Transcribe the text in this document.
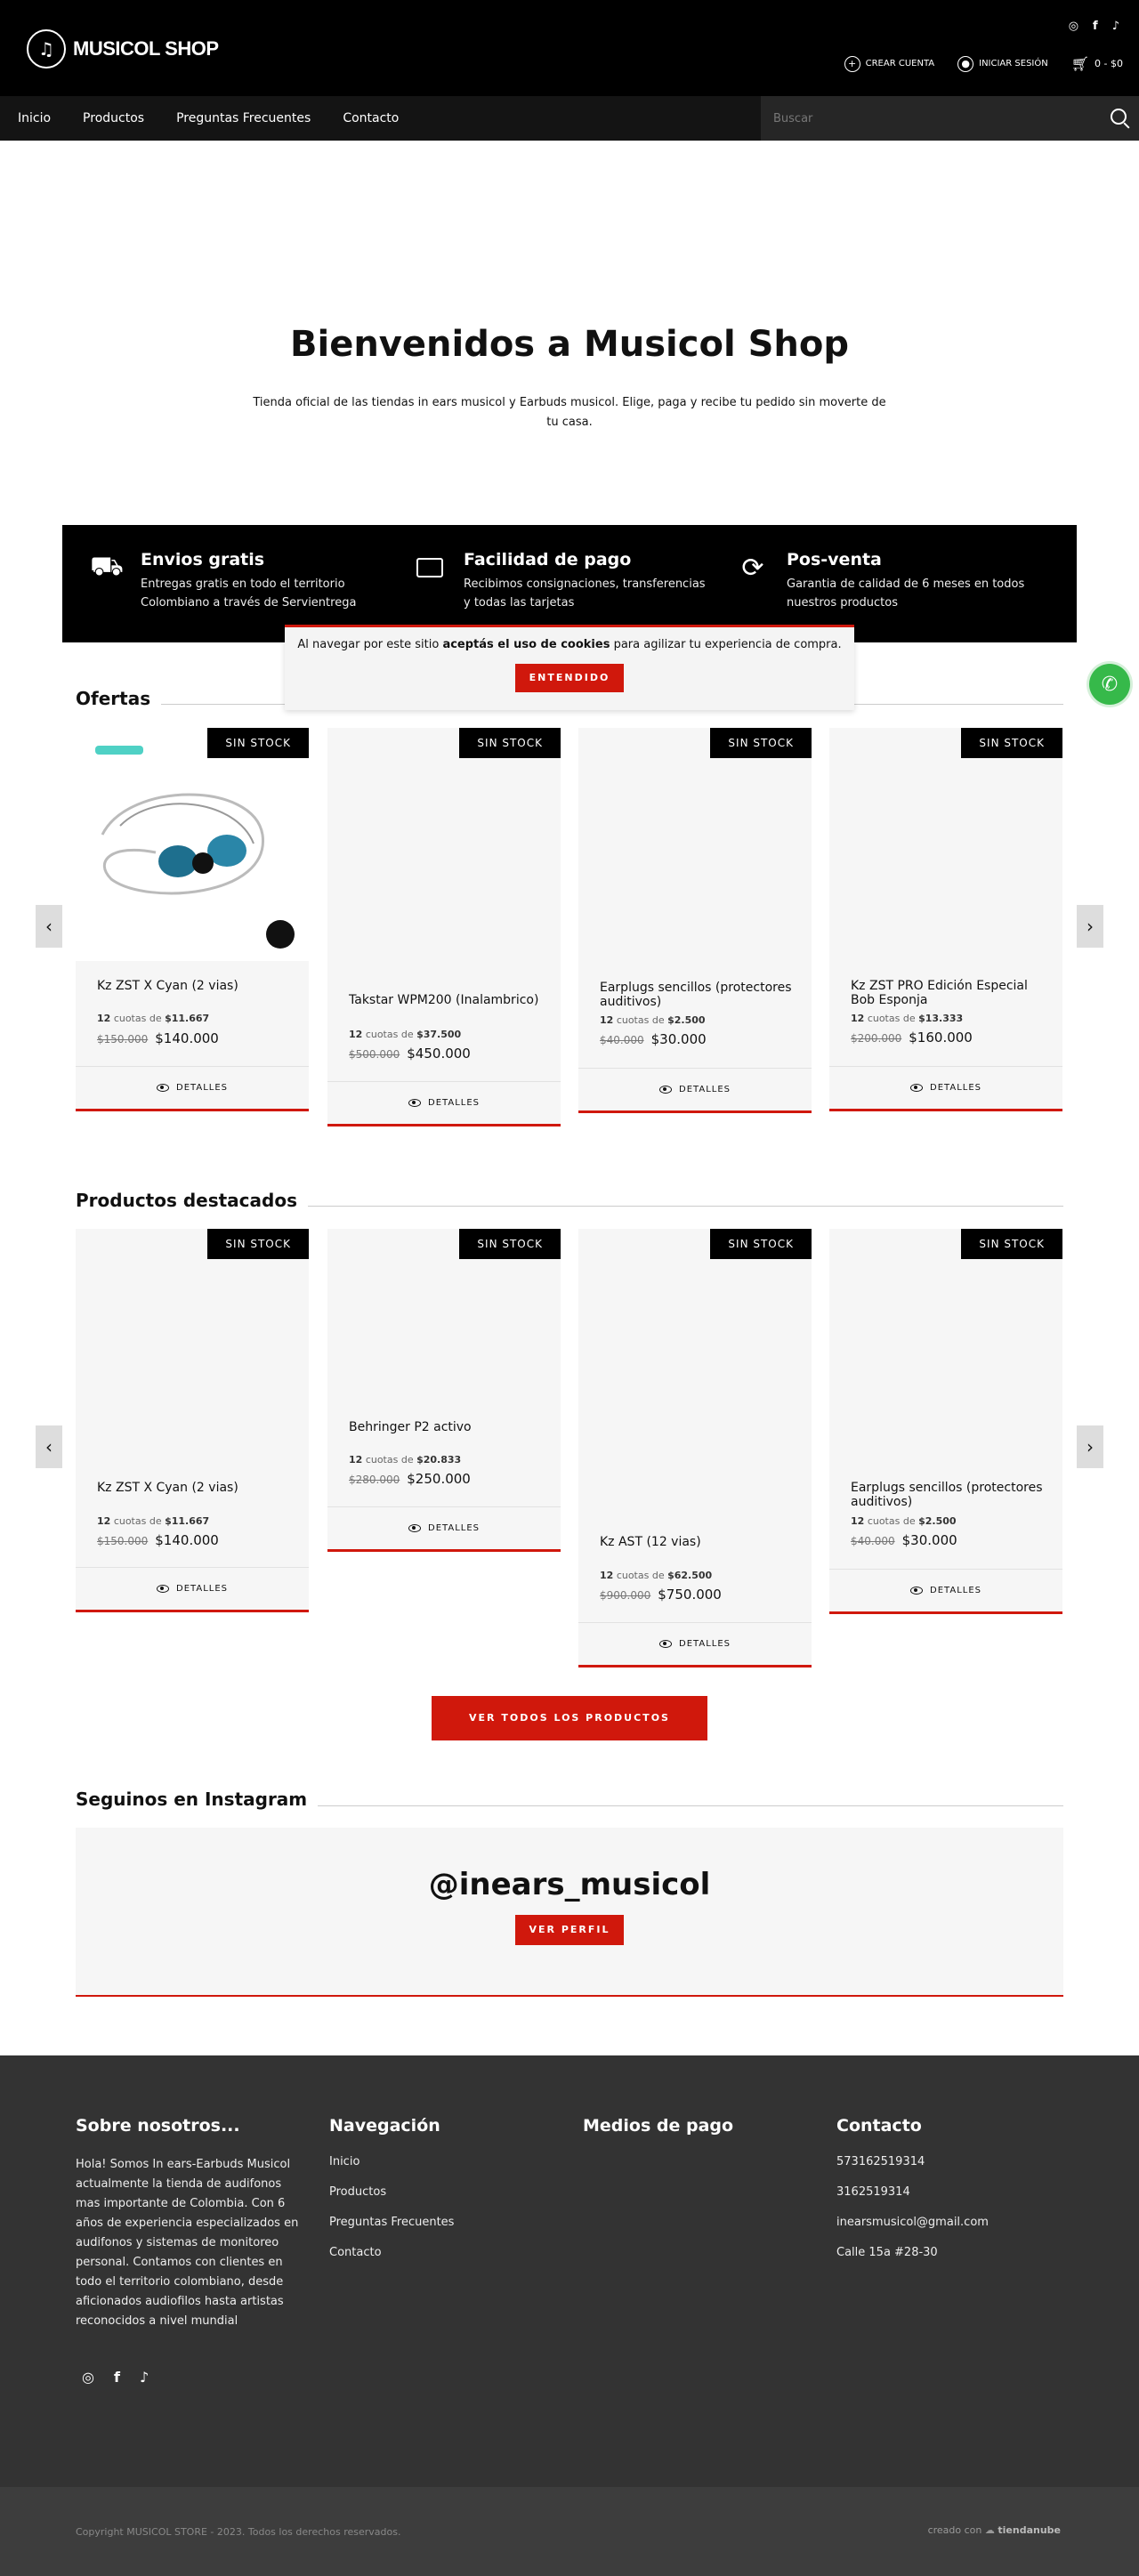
♫ MUSICOL SHOP
◎ f ♪
+	CREAR CUENTA	●	INICIAR SESIÓN 🛒︎ 0 - $0
Inicio	Productos	Preguntas Frecuentes	Contacto
Buscar
Bienvenidos a Musicol Shop

Tienda oficial de las tiendas in ears musicol y Earbuds musicol. Elige, paga y recibe tu pedido sin moverte de tu casa.

⛟ Envios gratis

Entregas gratis en todo el territorio Colombiano a través de Servientrega

Facilidad de pago

Recibimos consignaciones, transferencias y todas las tarjetas

⟳	Pos-venta

Garantia de calidad de 6 meses en todos nuestros productos

Ofertas
‹	›
SIN STOCK
Kz ZST X Cyan (2 vias)
12 cuotas de $11.667
$150.000 $140.000
DETALLES
SIN STOCK
Takstar WPM200 (Inalambrico)
12 cuotas de $37.500
$500.000 $450.000
DETALLES
SIN STOCK
Earplugs sencillos (protectores auditivos)
12 cuotas de $2.500
$40.000 $30.000
DETALLES
SIN STOCK
Kz ZST PRO Edición Especial Bob Esponja
12 cuotas de $13.333
$200.000 $160.000
DETALLES
Productos destacados
‹	›
SIN STOCK
Kz ZST X Cyan (2 vias)
12 cuotas de $11.667
$150.000 $140.000
DETALLES
SIN STOCK
Behringer P2 activo
12 cuotas de $20.833
$280.000 $250.000
DETALLES
SIN STOCK
Kz AST (12 vias)
12 cuotas de $62.500
$900.000 $750.000
DETALLES
SIN STOCK
Earplugs sencillos (protectores auditivos)
12 cuotas de $2.500
$40.000 $30.000
DETALLES
VER TODOS LOS PRODUCTOS
Seguinos en Instagram
@inears_musicol
VER PERFIL
Sobre nosotros...

Hola! Somos In ears-Earbuds Musicol actualmente la tienda de audifonos mas importante de Colombia. Con 6 años de experiencia especializados en audifonos y sistemas de monitoreo personal. Contamos con clientes en todo el territorio colombiano, desde aficionados audiofilos hasta artistas reconocidos a nivel mundial

Navegación
Inicio
Productos
Preguntas Frecuentes
Contacto
Medios de pago	Contacto
573162519314
3162519314
inearsmusicol@gmail.com
Calle 15a #28-30
◎ f ♪
Copyright MUSICOL STORE - 2023. Todos los derechos reservados.	creado con ☁ tiendanube

Al navegar por este sitio aceptás el uso de cookies para agilizar tu experiencia de compra.

ENTENDIDO	✆
